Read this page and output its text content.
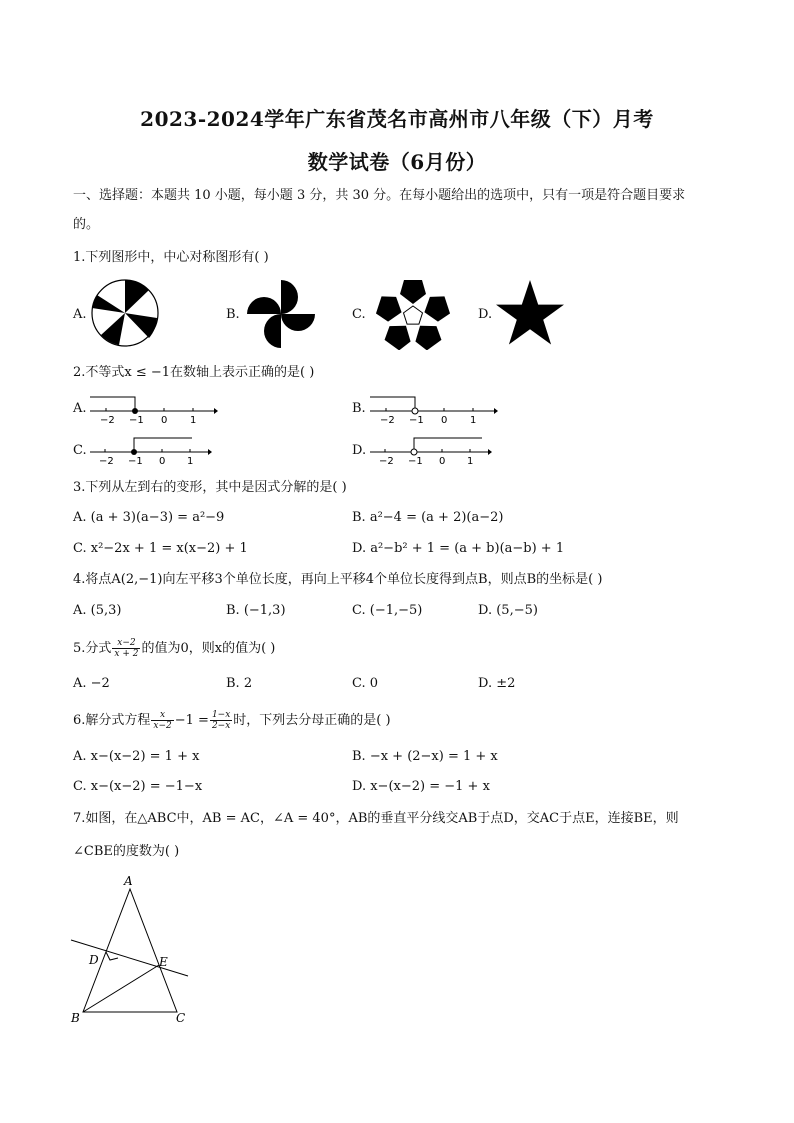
2023-2024学年广东省茂名市高州市八年级（下）月考
数学试卷（6月份）
一、选择题：本题共 10 小题，每小题 3 分，共 30 分。在每小题给出的选项中，只有一项是符合题目要求
的。
1.下列图形中，中心对称图形有( )
A.	B.	C.	D.
2.不等式x ≤ −1在数轴上表示正确的是( )
A.
−2 −1 0 1
B.
−2 −1 0 1
C.
−2 −1 0 1
D.
−2 −1 0 1
3.下列从左到右的变形，其中是因式分解的是( )
A. (a + 3)(a−3) = a²−9	B. a²−4 = (a + 2)(a−2)
C. x²−2x + 1 = x(x−2) + 1	D. a²−b² + 1 = (a + b)(a−b) + 1
4.将点A(2,−1)向左平移3个单位长度，再向上平移4个单位长度得到点B，则点B的坐标是( )
A. (5,3)	B. (−1,3)	C. (−1,−5)	D. (5,−5)
5.分式 $\frac{x-2}{x + 2}$ 的值为0，则x的值为( )
A. −2	B. 2	C. 0	D. ±2
6.解分式方程 $\frac{x}{x-2} -1 = \frac{1-x}{2-x}$ 时，下列去分母正确的是( )
A. x−(x−2) = 1 + x	B. −x + (2−x) = 1 + x
C. x−(x−2) = −1−x	D. x−(x−2) = −1 + x
7.如图，在△ABC中，AB = AC，∠A = 40°，AB的垂直平分线交AB于点D，交AC于点E，连接BE，则
∠CBE的度数为( )
A
B	C
D	E
